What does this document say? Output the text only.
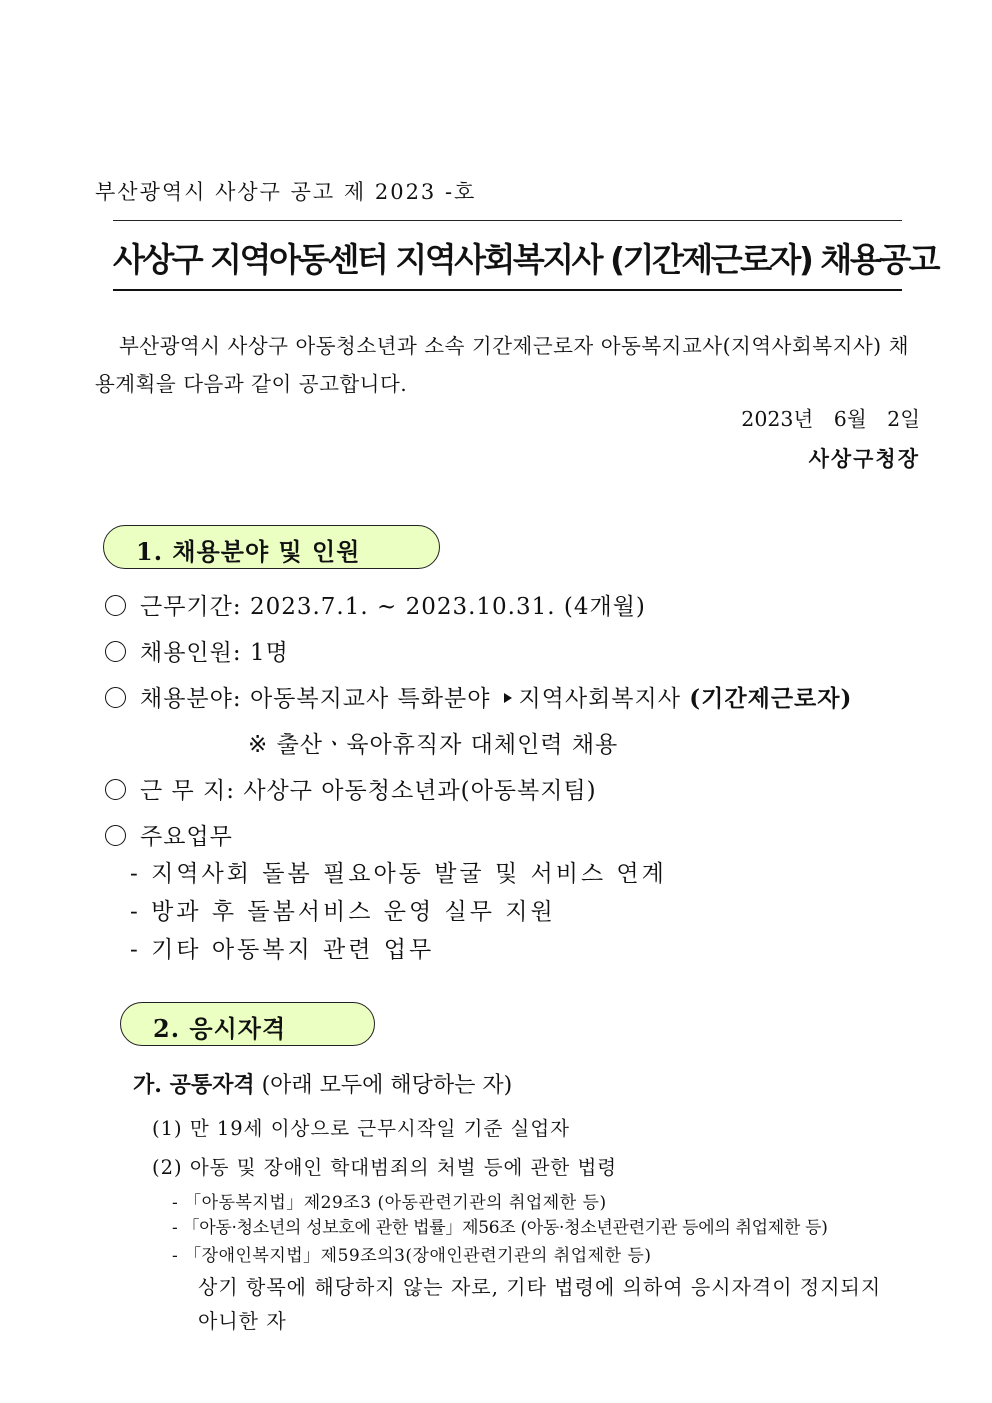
부산광역시 사상구 공고 제 2023 -호
사상구 지역아동센터 지역사회복지사 (기간제근로자) 채용공고
부산광역시 사상구 아동청소년과 소속 기간제근로자 아동복지교사(지역사회복지사) 채용계획을 다음과 같이 공고합니다.
2023년 6월 2일
사상구청장
1. 채용분야 및 인원
근무기간: 2023.7.1. ~ 2023.10.31. (4개월)
채용인원: 1명
채용분야: 아동복지교사 특화분야 지역사회복지사 (기간제근로자)
※ 출산ㆍ육아휴직자 대체인력 채용
근 무 지: 사상구 아동청소년과(아동복지팀)
주요업무
- 지역사회 돌봄 필요아동 발굴 및 서비스 연계
- 방과 후 돌봄서비스 운영 실무 지원
- 기타 아동복지 관련 업무
2. 응시자격
가. 공통자격 (아래 모두에 해당하는 자)
(1) 만 19세 이상으로 근무시작일 기준 실업자
(2) 아동 및 장애인 학대범죄의 처벌 등에 관한 법령
- 「아동복지법」제29조3 (아동관련기관의 취업제한 등)
- 「아동·청소년의 성보호에 관한 법률」제56조 (아동·청소년관련기관 등에의 취업제한 등)
- 「장애인복지법」제59조의3(장애인관련기관의 취업제한 등)
상기 항목에 해당하지 않는 자로, 기타 법령에 의하여 응시자격이 정지되지
아니한 자
